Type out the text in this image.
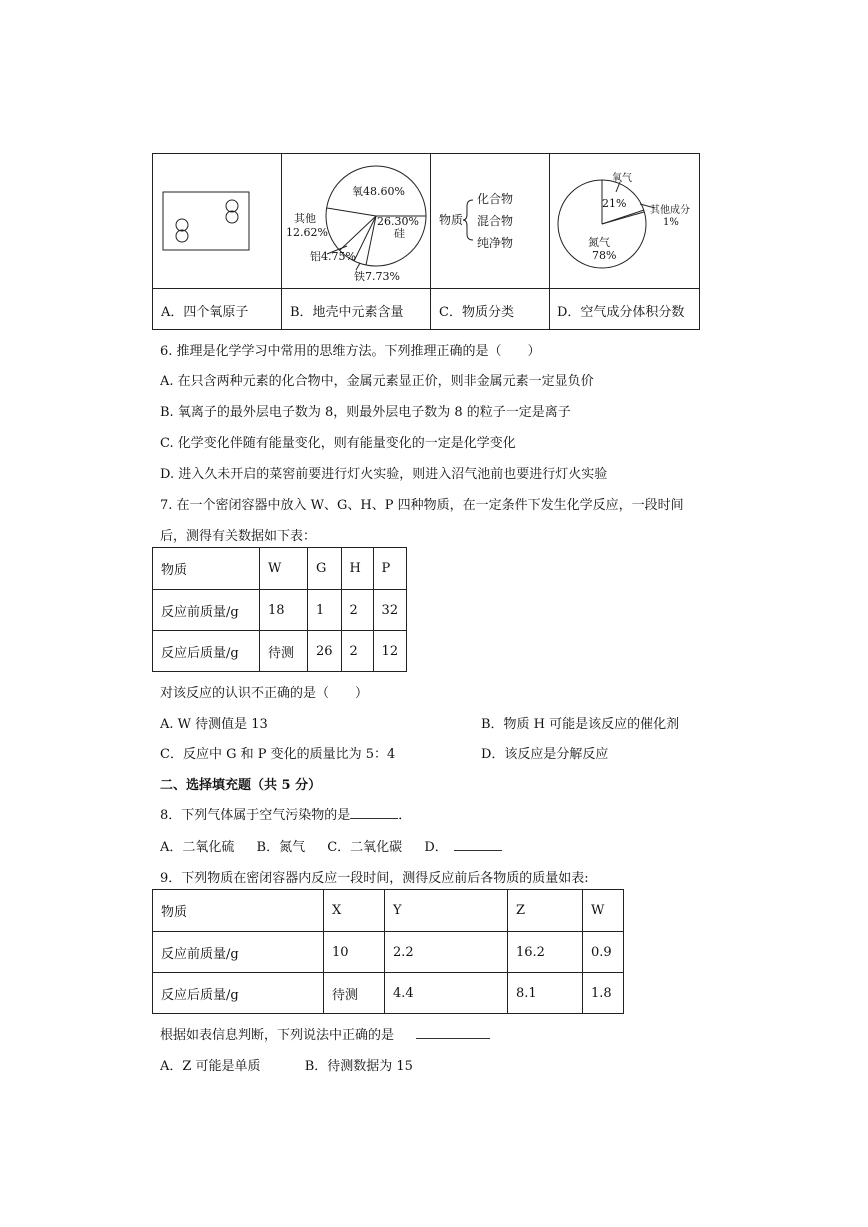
氧48.60%
26.30%
硅
其他
12.62%
铝4.75%
铁7.73%
物质
化合物
混合物
纯净物
氧气
21%
其他成分
1%
氮气
78%
A．四个氧原子	B．地壳中元素含量	C．物质分类	D．空气成分体积分数
6. 推理是化学学习中常用的思维方法。下列推理正确的是（　　）
A. 在只含两种元素的化合物中，金属元素显正价，则非金属元素一定显负价
B. 氧离子的最外层电子数为 8，则最外层电子数为 8 的粒子一定是离子
C. 化学变化伴随有能量变化，则有能量变化的一定是化学变化
D. 进入久未开启的菜窖前要进行灯火实验，则进入沼气池前也要进行灯火实验
7. 在一个密闭容器中放入 W、G、H、P 四种物质，在一定条件下发生化学反应，一段时间
后，测得有关数据如下表：
物质	W	G	H	P
反应前质量/g	18	1	2	32
反应后质量/g	待测	26	2	12
对该反应的认识不正确的是（　　）
A. W 待测值是 13	B．物质 H 可能是该反应的催化剂
C．反应中 G 和 P 变化的质量比为 5：4	D．该反应是分解反应
二、选择填充题（共 5 分）
8．下列气体属于空气污染物的是	．
A．二氧化硫 B．氮气 C．二氧化碳 D．
9．下列物质在密闭容器内反应一段时间，测得反应前后各物质的质量如表:
物质	X	Y	Z	W
反应前质量/g	10	2.2	16.2	0.9
反应后质量/g	待测	4.4	8.1	1.8
根据如表信息判断，下列说法中正确的是
A．Z 可能是单质	B．待测数据为 15
